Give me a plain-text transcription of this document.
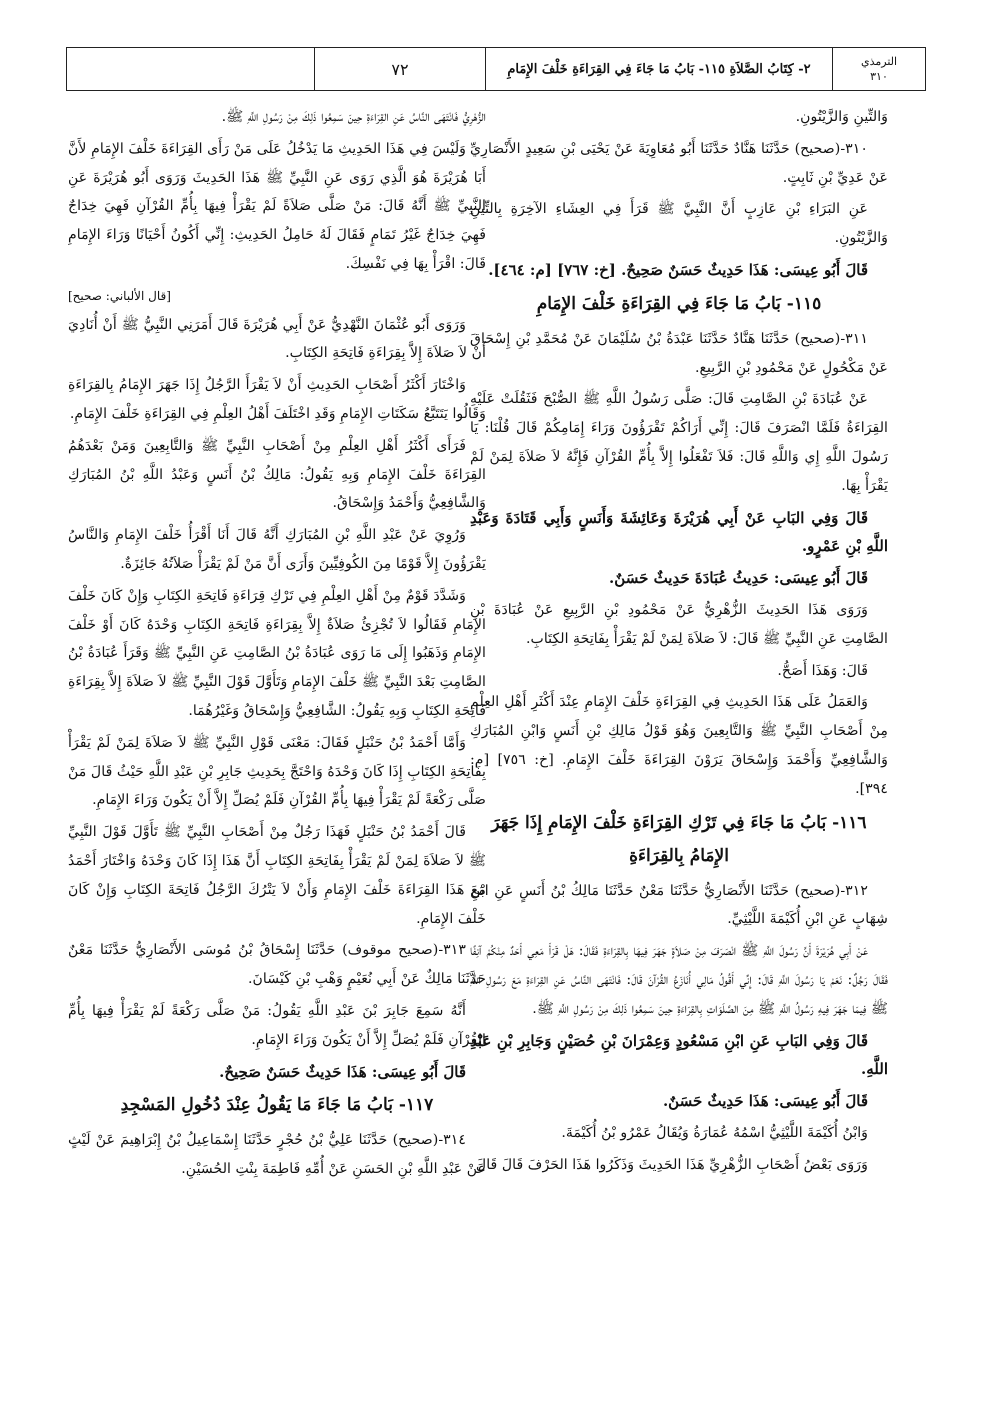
الترمذي
٣١٠
٢- كِتَابُ الصَّلاَةِ ١١٥- بَابُ مَا جَاءَ فِي القِرَاءَةِ خَلْفَ الإِمَامِ
٧٢

وَالتِّينِ وَالزَّيْتُونِ.

٣١٠-(صحيح) حَدَّثَنَا هَنَّادٌ حَدَّثَنَا أَبُو مُعَاوِيَةَ عَنْ يَحْيَى بْنِ سَعِيدٍ الأَنْصَارِيِّ عَنْ عَدِيِّ بْنِ ثَابِتٍ.

عَنِ البَرَاءِ بْنِ عَازِبٍ أَنَّ النَّبِيَّ ﷺ قَرَأَ فِي العِشَاءِ الآخِرَةِ بِالتِّينِ وَالزَّيْتُونِ.

قَالَ أَبُو عِيسَى: هَذَا حَدِيثٌ حَسَنٌ صَحِيحٌ. [خ: ٧٦٧] [م: ٤٦٤].

١١٥- بَابُ مَا جَاءَ فِي القِرَاءَةِ خَلْفَ الإِمَامِ

٣١١-(صحيح) حَدَّثَنَا هَنَّادٌ حَدَّثَنَا عَبْدَةُ بْنُ سُلَيْمَانَ عَنْ مُحَمَّدِ بْنِ إِسْحَاقَ عَنْ مَكْحُولٍ عَنْ مَحْمُودِ بْنِ الرَّبِيعِ.

عَنْ عُبَادَةَ بْنِ الصَّامِتِ قَالَ: صَلَّى رَسُولُ اللَّهِ ﷺ الصُّبْحَ فَثَقُلَتْ عَلَيْهِ القِرَاءَةُ فَلَمَّا انْصَرَفَ قَالَ: إِنِّي أَرَاكُمْ تَقْرَؤُونَ وَرَاءَ إِمَامِكُمْ قَالَ قُلْنَا: يَا رَسُولَ اللَّهِ إِي وَاللَّهِ قَالَ: فَلاَ تَفْعَلُوا إِلاَّ بِأُمِّ القُرْآنِ فَإِنَّهُ لاَ صَلاَةَ لِمَنْ لَمْ يَقْرَأْ بِهَا.

قَالَ وَفِي البَابِ عَنْ أَبِي هُرَيْرَةَ وَعَائِشَةَ وَأَنَسٍ وَأَبِي قَتَادَةَ وَعَبْدِ اللَّهِ بْنِ عَمْرٍو.

قَالَ أَبُو عِيسَى: حَدِيثُ عُبَادَةَ حَدِيثٌ حَسَنٌ.

وَرَوَى هَذَا الحَدِيثَ الزُّهْرِيُّ عَنْ مَحْمُودِ بْنِ الرَّبِيعِ عَنْ عُبَادَةَ بْنِ الصَّامِتِ عَنِ النَّبِيِّ ﷺ قَالَ: لاَ صَلاَةَ لِمَنْ لَمْ يَقْرَأْ بِفَاتِحَةِ الكِتَابِ.

قَالَ: وَهَذَا أَصَحُّ.

وَالعَمَلُ عَلَى هَذَا الحَدِيثِ فِي القِرَاءَةِ خَلْفَ الإِمَامِ عِنْدَ أَكْثَرِ أَهْلِ العِلْمِ مِنْ أَصْحَابِ النَّبِيِّ ﷺ وَالتَّابِعِينَ وَهُوَ قَوْلُ مَالِكِ بْنِ أَنَسٍ وَابْنِ المُبَارَكِ وَالشَّافِعِيِّ وَأَحْمَدَ وَإِسْحَاقَ يَرَوْنَ القِرَاءَةَ خَلْفَ الإِمَامِ. [خ: ٧٥٦] [م: ٣٩٤].

١١٦- بَابُ مَا جَاءَ فِي تَرْكِ القِرَاءَةِ خَلْفَ الإِمَامِ إِذَا جَهَرَ الإِمَامُ بِالقِرَاءَةِ

٣١٢-(صحيح) حَدَّثَنَا الأَنْصَارِيُّ حَدَّثَنَا مَعْنٌ حَدَّثَنَا مَالِكُ بْنُ أَنَسٍ عَنِ ابْنِ شِهَابٍ عَنِ ابْنِ أُكَيْمَةَ اللَّيْثِيِّ.

عَنْ أَبِي هُرَيْرَةَ أَنَّ رَسُولَ اللَّهِ ﷺ انْصَرَفَ مِنْ صَلاَةٍ جَهَرَ فِيهَا بِالقِرَاءَةِ فَقَالَ: هَلْ قَرَأَ مَعِي أَحَدٌ مِنْكُمْ آنِفًا فَقَالَ رَجُلٌ: نَعَمْ يَا رَسُولَ اللَّهِ قَالَ: إِنِّي أَقُولُ مَالِي أُنَازَعُ القُرْآنَ قَالَ: فَانْتَهَى النَّاسُ عَنِ القِرَاءَةِ مَعَ رَسُولِ اللَّهِ ﷺ فِيمَا جَهَرَ فِيهِ رَسُولُ اللَّهِ ﷺ مِنَ الصَّلَوَاتِ بِالقِرَاءَةِ حِينَ سَمِعُوا ذَلِكَ مِنْ رَسُولِ اللَّهِ ﷺ.

قَالَ وَفِي البَابِ عَنِ ابْنِ مَسْعُودٍ وَعِمْرَانَ بْنِ حُصَيْنٍ وَجَابِرِ بْنِ عَبْدِ اللَّهِ.

قَالَ أَبُو عِيسَى: هَذَا حَدِيثٌ حَسَنٌ.

وَابْنُ أُكَيْمَةَ اللَّيْثِيُّ اسْمُهُ عُمَارَةُ وَيُقَالُ عَمْرُو بْنُ أُكَيْمَةَ.

وَرَوَى بَعْضُ أَصْحَابِ الزُّهْرِيِّ هَذَا الحَدِيثَ وَذَكَرُوا هَذَا الحَرْفَ قَالَ قَالَ

الزُّهْرِيُّ فَانْتَهَى النَّاسُ عَنِ القِرَاءَةِ حِينَ سَمِعُوا ذَلِكَ مِنْ رَسُولِ اللَّهِ ﷺ.

وَلَيْسَ فِي هَذَا الحَدِيثِ مَا يَدْخُلُ عَلَى مَنْ رَأَى القِرَاءَةَ خَلْفَ الإِمَامِ لأَنَّ أَبَا هُرَيْرَةَ هُوَ الَّذِي رَوَى عَنِ النَّبِيِّ ﷺ هَذَا الحَدِيثَ وَرَوَى أَبُو هُرَيْرَةَ عَنِ النَّبِيِّ ﷺ أَنَّهُ قَالَ: مَنْ صَلَّى صَلاَةً لَمْ يَقْرَأْ فِيهَا بِأُمِّ القُرْآنِ فَهِيَ خِدَاجٌ فَهِيَ خِدَاجٌ غَيْرُ تَمَامٍ فَقَالَ لَهُ حَامِلُ الحَدِيثِ: إِنِّي أَكُونُ أَحْيَانًا وَرَاءَ الإِمَامِ قَالَ: اقْرَأْ بِهَا فِي نَفْسِكَ.

[قال الألباني: صحيح]

وَرَوَى أَبُو عُثْمَانَ النَّهْدِيُّ عَنْ أَبِي هُرَيْرَةَ قَالَ أَمَرَنِي النَّبِيُّ ﷺ أَنْ أُنَادِيَ أَنْ لاَ صَلاَةَ إِلاَّ بِقِرَاءَةِ فَاتِحَةِ الكِتَابِ.

وَاخْتَارَ أَكْثَرُ أَصْحَابِ الحَدِيثِ أَنْ لاَ يَقْرَأَ الرَّجُلُ إِذَا جَهَرَ الإِمَامُ بِالقِرَاءَةِ وَقَالُوا يَتَتَبَّعُ سَكَتَاتِ الإِمَامِ وَقَدِ اخْتَلَفَ أَهْلُ العِلْمِ فِي القِرَاءَةِ خَلْفَ الإِمَامِ.

فَرَأَى أَكْثَرُ أَهْلِ العِلْمِ مِنْ أَصْحَابِ النَّبِيِّ ﷺ وَالتَّابِعِينَ وَمَنْ بَعْدَهُمُ القِرَاءَةَ خَلْفَ الإِمَامِ وَبِهِ يَقُولُ: مَالِكُ بْنُ أَنَسٍ وَعَبْدُ اللَّهِ بْنُ المُبَارَكِ وَالشَّافِعِيُّ وَأَحْمَدُ وَإِسْحَاقُ.

وَرُوِيَ عَنْ عَبْدِ اللَّهِ بْنِ المُبَارَكِ أَنَّهُ قَالَ أَنَا أَقْرَأُ خَلْفَ الإِمَامِ وَالنَّاسُ يَقْرَؤُونَ إِلاَّ قَوْمًا مِنَ الكُوفِيِّينَ وَأَرَى أَنَّ مَنْ لَمْ يَقْرَأْ صَلاَتُهُ جَائِزَةٌ.

وَشَدَّدَ قَوْمٌ مِنْ أَهْلِ العِلْمِ فِي تَرْكِ قِرَاءَةِ فَاتِحَةِ الكِتَابِ وَإِنْ كَانَ خَلْفَ الإِمَامِ فَقَالُوا لاَ تُجْزِئُ صَلاَةٌ إِلاَّ بِقِرَاءَةِ فَاتِحَةِ الكِتَابِ وَحْدَهُ كَانَ أَوْ خَلْفَ الإِمَامِ وَذَهَبُوا إِلَى مَا رَوَى عُبَادَةُ بْنُ الصَّامِتِ عَنِ النَّبِيِّ ﷺ وَقَرَأَ عُبَادَةُ بْنُ الصَّامِتِ بَعْدَ النَّبِيِّ ﷺ خَلْفَ الإِمَامِ وَتَأَوَّلَ قَوْلَ النَّبِيِّ ﷺ لاَ صَلاَةَ إِلاَّ بِقِرَاءَةِ فَاتِحَةِ الكِتَابِ وَبِهِ يَقُولُ: الشَّافِعِيُّ وَإِسْحَاقُ وَغَيْرُهُمَا.

وَأَمَّا أَحْمَدُ بْنُ حَنْبَلٍ فَقَالَ: مَعْنَى قَوْلِ النَّبِيِّ ﷺ لاَ صَلاَةَ لِمَنْ لَمْ يَقْرَأْ بِفَاتِحَةِ الكِتَابِ إِذَا كَانَ وَحْدَهُ وَاحْتَجَّ بِحَدِيثِ جَابِرِ بْنِ عَبْدِ اللَّهِ حَيْثُ قَالَ مَنْ صَلَّى رَكْعَةً لَمْ يَقْرَأْ فِيهَا بِأُمِّ القُرْآنِ فَلَمْ يُصَلِّ إِلاَّ أَنْ يَكُونَ وَرَاءَ الإِمَامِ.

قَالَ أَحْمَدُ بْنُ حَنْبَلٍ فَهَذَا رَجُلٌ مِنْ أَصْحَابِ النَّبِيِّ ﷺ تَأَوَّلَ قَوْلَ النَّبِيِّ ﷺ لاَ صَلاَةَ لِمَنْ لَمْ يَقْرَأْ بِفَاتِحَةِ الكِتَابِ أَنَّ هَذَا إِذَا كَانَ وَحْدَهُ وَاخْتَارَ أَحْمَدُ مَعَ هَذَا القِرَاءَةَ خَلْفَ الإِمَامِ وَأَنْ لاَ يَتْرُكَ الرَّجُلُ فَاتِحَةَ الكِتَابِ وَإِنْ كَانَ خَلْفَ الإِمَامِ.

٣١٣-(صحيح موقوف) حَدَّثَنَا إِسْحَاقُ بْنُ مُوسَى الأَنْصَارِيُّ حَدَّثَنَا مَعْنٌ حَدَّثَنَا مَالِكٌ عَنْ أَبِي نُعَيْمٍ وَهْبِ بْنِ كَيْسَانَ.

أَنَّهُ سَمِعَ جَابِرَ بْنَ عَبْدِ اللَّهِ يَقُولُ: مَنْ صَلَّى رَكْعَةً لَمْ يَقْرَأْ فِيهَا بِأُمِّ القُرْآنِ فَلَمْ يُصَلِّ إِلاَّ أَنْ يَكُونَ وَرَاءَ الإِمَامِ.

قَالَ أَبُو عِيسَى: هَذَا حَدِيثٌ حَسَنٌ صَحِيحٌ.

١١٧- بَابُ مَا جَاءَ مَا يَقُولُ عِنْدَ دُخُولِ المَسْجِدِ

٣١٤-(صحيح) حَدَّثَنَا عَلِيُّ بْنُ حُجْرٍ حَدَّثَنَا إِسْمَاعِيلُ بْنُ إِبْرَاهِيمَ عَنْ لَيْثٍ عَنْ عَبْدِ اللَّهِ بْنِ الحَسَنِ عَنْ أُمِّهِ فَاطِمَةَ بِنْتِ الحُسَيْنِ.
